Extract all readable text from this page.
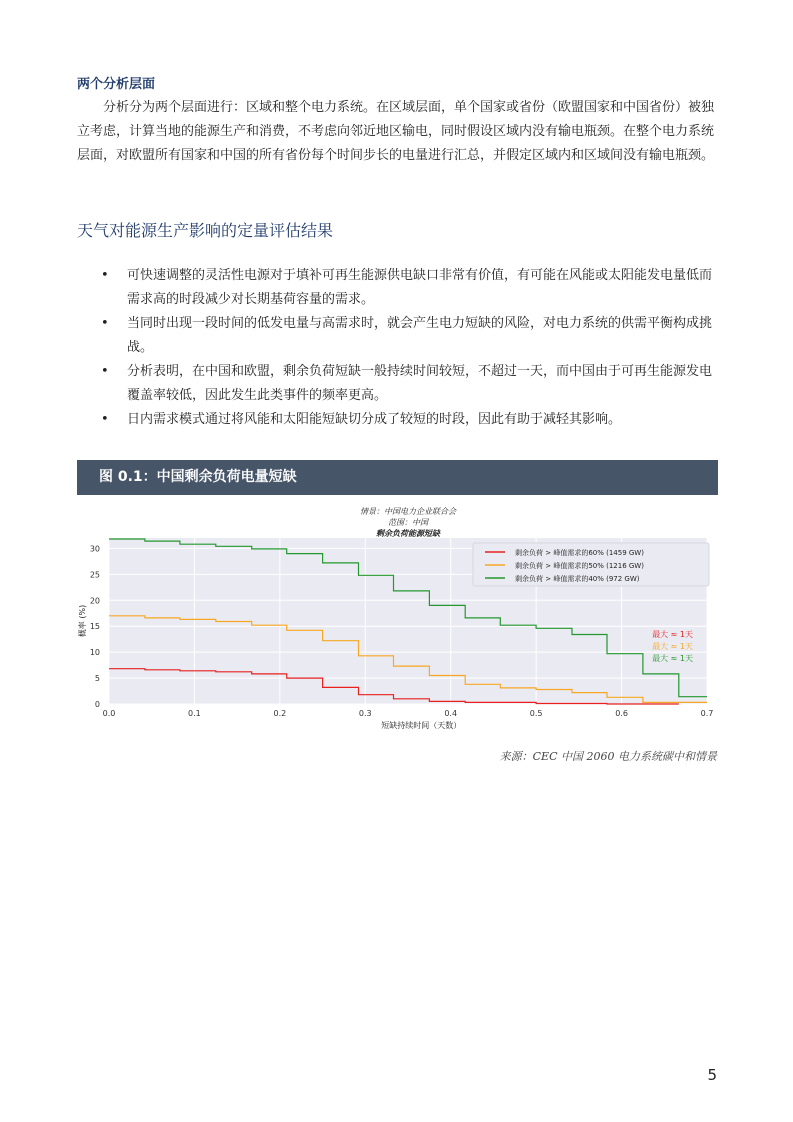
两个分析层面

分析分为两个层面进行：区域和整个电力系统。在区域层面，单个国家或省份（欧盟国家和中国省份）被独立考虑，计算当地的能源生产和消费，不考虑向邻近地区输电，同时假设区域内没有输电瓶颈。在整个电力系统层面，对欧盟所有国家和中国的所有省份每个时间步长的电量进行汇总，并假定区域内和区域间没有输电瓶颈。

天气对能源生产影响的定量评估结果
• 可快速调整的灵活性电源对于填补可再生能源供电缺口非常有价值，有可能在风能或太阳能发电量低而需求高的时段减少对长期基荷容量的需求。
• 当同时出现一段时间的低发电量与高需求时，就会产生电力短缺的风险，对电力系统的供需平衡构成挑战。
• 分析表明，在中国和欧盟，剩余负荷短缺一般持续时间较短，不超过一天，而中国由于可再生能源发电覆盖率较低，因此发生此类事件的频率更高。
• 日内需求模式通过将风能和太阳能短缺切分成了较短的时段，因此有助于减轻其影响。
图 0.1：中国剩余负荷电量短缺
情景：中国电力企业联合会
范围：中国
剩余负荷能源短缺
0.0	0.1	0.2	0.3	0.4	0.5	0.6	0.7
0
5
10
15
20
25
30
短缺持续时间（天数）
概率 (%)
剩余负荷 > 峰值需求的60% (1459 GW)
剩余负荷 > 峰值需求的50% (1216 GW)
剩余负荷 > 峰值需求的40% (972 GW)
最大 ≈ 1天
最大 ≈ 1天
最大 ≈ 1天
来源：CEC 中国 2060 电力系统碳中和情景
5
